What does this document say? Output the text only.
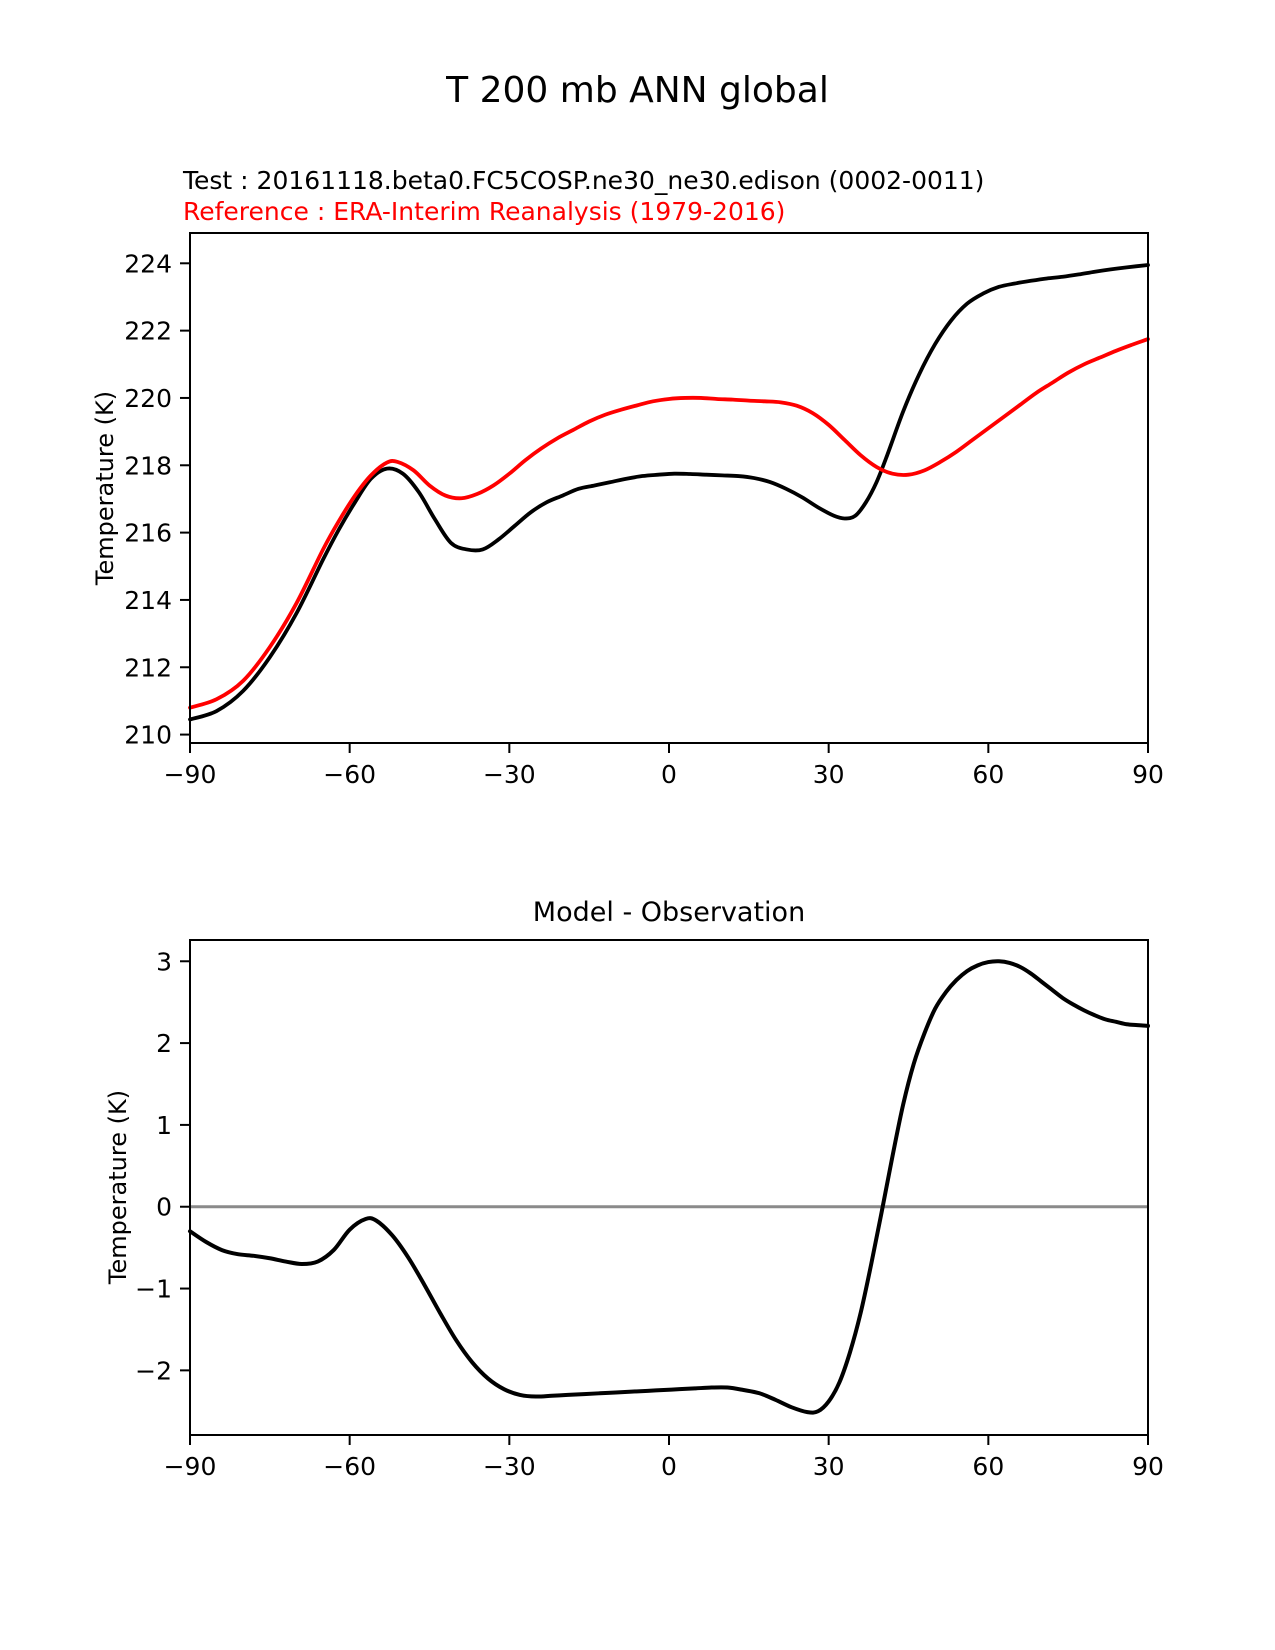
−90	−60	−30	0	30	60	90
210
212
214
216
218
220
222
224
−90	−60	−30	0	30	60	90
−2
−1
0
1
2
3
T 200 mb ANN global
Test : 20161118.beta0.FC5COSP.ne30_ne30.edison (0002-0011)
Reference : ERA-Interim Reanalysis (1979-2016)
Temperature (K)
Model - Observation
Temperature (K)
